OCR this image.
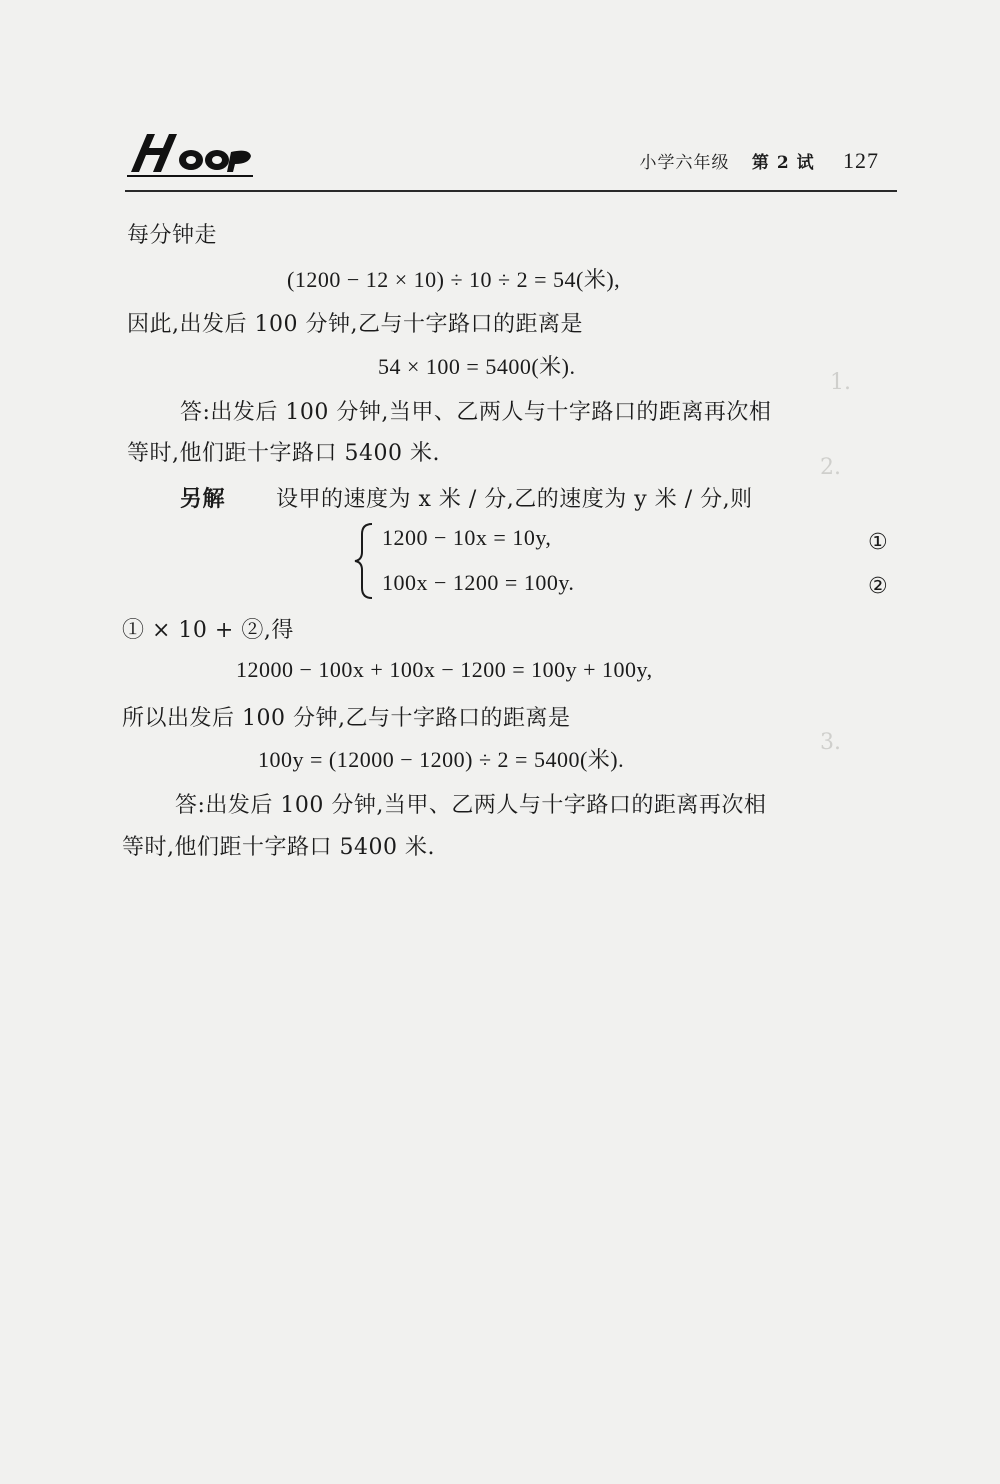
1.
2.
3.
小学六年级 第 2 试 127
每分钟走
(1200 − 12 × 10) ÷ 10 ÷ 2 = 54(米),
因此,出发后 100 分钟,乙与十字路口的距离是
54 × 100 = 5400(米).
答:出发后 100 分钟,当甲、乙两人与十字路口的距离再次相
等时,他们距十字路口 5400 米.
另解 设甲的速度为 x 米 / 分,乙的速度为 y 米 / 分,则
1200 − 10x = 10y,	①
100x − 1200 = 100y.	②
① × 10 + ②,得
12000 − 100x + 100x − 1200 = 100y + 100y,
所以出发后 100 分钟,乙与十字路口的距离是
100y = (12000 − 1200) ÷ 2 = 5400(米).
答:出发后 100 分钟,当甲、乙两人与十字路口的距离再次相
等时,他们距十字路口 5400 米.
